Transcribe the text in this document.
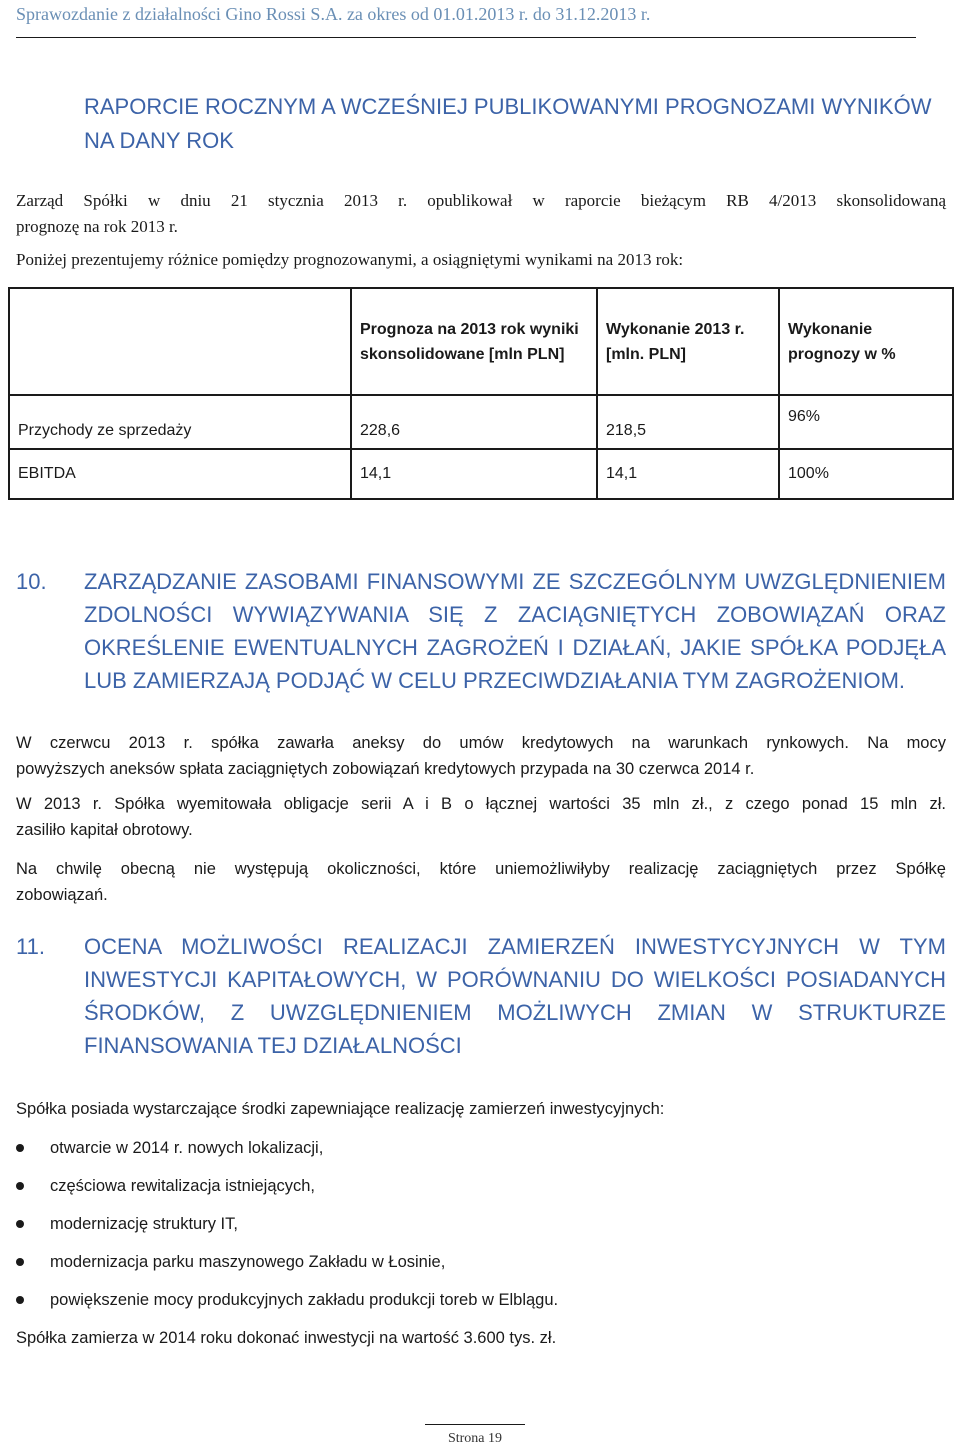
Sprawozdanie z działalności Gino Rossi S.A. za okres od 01.01.2013 r. do 31.12.2013 r.
RAPORCIE ROCZNYM A WCZEŚNIEJ PUBLIKOWANYMI PROGNOZAMI WYNIKÓW
NA DANY ROK
Zarząd Spółki w dniu 21 stycznia 2013 r. opublikował w raporcie bieżącym RB 4/2013 skonsolidowaną
prognozę na rok 2013 r.
Poniżej prezentujemy różnice pomiędzy prognozowanymi, a osiągniętymi wynikami na 2013 rok:
	Prognoza na 2013 rok wyniki skonsolidowane [mln PLN]	Wykonanie 2013 r. [mln. PLN]	Wykonanie prognozy w %
Przychody ze sprzedaży	228,6	218,5	96%
EBITDA	14,1	14,1	100%
10.	ZARZĄDZANIE ZASOBAMI FINANSOWYMI ZE SZCZEGÓLNYM UWZGLĘDNIENIEM
ZDOLNOŚCI WYWIĄZYWANIA SIĘ Z ZACIĄGNIĘTYCH ZOBOWIĄZAŃ ORAZ
OKREŚLENIE EWENTUALNYCH ZAGROŻEŃ I DZIAŁAŃ, JAKIE SPÓŁKA PODJĘŁA
LUB ZAMIERZAJĄ PODJĄĆ W CELU PRZECIWDZIAŁANIA TYM ZAGROŻENIOM.
W czerwcu 2013 r. spółka zawarła aneksy do umów kredytowych na warunkach rynkowych. Na mocy
powyższych aneksów spłata zaciągniętych zobowiązań kredytowych przypada na 30 czerwca 2014 r.
W 2013 r. Spółka wyemitowała obligacje serii A i B o łącznej wartości 35 mln zł., z czego ponad 15 mln zł.
zasiliło kapitał obrotowy.
Na chwilę obecną nie występują okoliczności, które uniemożliwiłyby realizację zaciągniętych przez Spółkę
zobowiązań.
11.	OCENA MOŻLIWOŚCI REALIZACJI ZAMIERZEŃ INWESTYCYJNYCH W TYM
INWESTYCJI KAPITAŁOWYCH, W PORÓWNANIU DO WIELKOŚCI POSIADANYCH
ŚRODKÓW, Z UWZGLĘDNIENIEM MOŻLIWYCH ZMIAN W STRUKTURZE
FINANSOWANIA TEJ DZIAŁALNOŚCI
Spółka posiada wystarczające środki zapewniające realizację zamierzeń inwestycyjnych:
otwarcie w 2014 r. nowych lokalizacji,
częściowa rewitalizacja istniejących,
modernizację struktury IT,
modernizacja parku maszynowego Zakładu w Łosinie,
powiększenie mocy produkcyjnych zakładu produkcji toreb w Elblągu.
Spółka zamierza w 2014 roku dokonać inwestycji na wartość 3.600 tys. zł.
Strona 19
